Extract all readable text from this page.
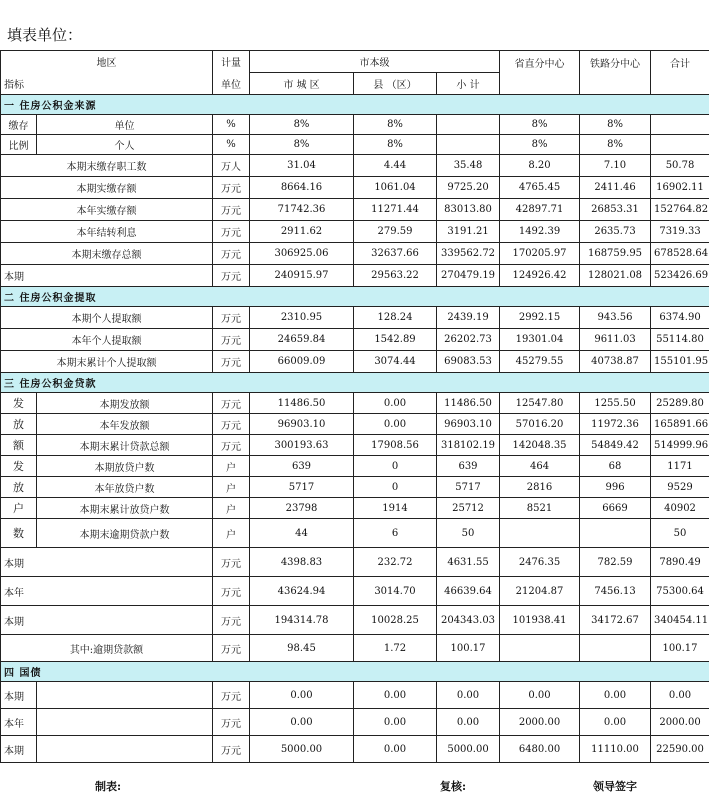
填表单位：
地区		计量	市本级			省直分中心	铁路分中心	合计
指标		单位	市 城 区	县 （区）	小 计			
一 住房公积金来源								
缴存	单位	%	8%	8%		8%	8%	
比例	个人	%	8%	8%		8%	8%	
本期末缴存职工数		万人	31.04	4.44	35.48	8.20	7.10	50.78
本期实缴存额		万元	8664.16	1061.04	9725.20	4765.45	2411.46	16902.11
本年实缴存额		万元	71742.36	11271.44	83013.80	42897.71	26853.31	152764.82
本年结转利息		万元	2911.62	279.59	3191.21	1492.39	2635.73	7319.33
本期末缴存总额		万元	306925.06	32637.66	339562.72	170205.97	168759.95	678528.64
本期		万元	240915.97	29563.22	270479.19	124926.42	128021.08	523426.69
二 住房公积金提取								
本期个人提取额		万元	2310.95	128.24	2439.19	2992.15	943.56	6374.90
本年个人提取额		万元	24659.84	1542.89	26202.73	19301.04	9611.03	55114.80
本期末累计个人提取额		万元	66009.09	3074.44	69083.53	45279.55	40738.87	155101.95
三 住房公积金贷款								
发	本期发放额	万元	11486.50	0.00	11486.50	12547.80	1255.50	25289.80
放	本年发放额	万元	96903.10	0.00	96903.10	57016.20	11972.36	165891.66
额	本期末累计贷款总额	万元	300193.63	17908.56	318102.19	142048.35	54849.42	514999.96
发	本期放贷户数	户	639	0	639	464	68	1171
放	本年放贷户数	户	5717	0	5717	2816	996	9529
户	本期末累计放贷户数	户	23798	1914	25712	8521	6669	40902
数	本期末逾期贷款户数	户	44	6	50			50
本期		万元	4398.83	232.72	4631.55	2476.35	782.59	7890.49
本年		万元	43624.94	3014.70	46639.64	21204.87	7456.13	75300.64
本期		万元	194314.78	10028.25	204343.03	101938.41	34172.67	340454.11
其中:逾期贷款额		万元	98.45	1.72	100.17			100.17
四 国债								
本期		万元	0.00	0.00	0.00	0.00	0.00	0.00
本年		万元	0.00	0.00	0.00	2000.00	0.00	2000.00
本期		万元	5000.00	0.00	5000.00	6480.00	11110.00	22590.00
制表:	复核:	领导签字
